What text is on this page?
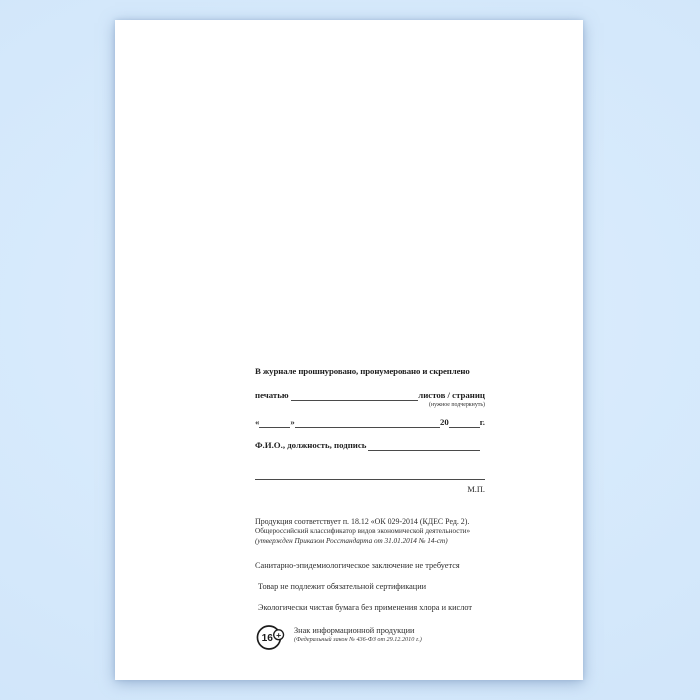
В журнале прошнуровано, пронумеровано и скреплено
печатью	листов / страниц
(нужное подчеркнуть)
«	»	20	г.
Ф.И.О., должность, подпись
М.П.
Продукция соответствует п. 18.12 «ОК 029-2014 (КДЕС Ред. 2).
Общероссийский классификатор видов экономической деятельности»
(утвержден Приказом Росстандарта от 31.01.2014 № 14-ст)
Санитарно-эпидемиологическое заключение не требуется
Товар не подлежит обязательной сертификации
Экологически чистая бумага без применения хлора и кислот
16 + Знак информационной продукции
(Федеральный закон № 436-ФЗ от 29.12.2010 г.)
